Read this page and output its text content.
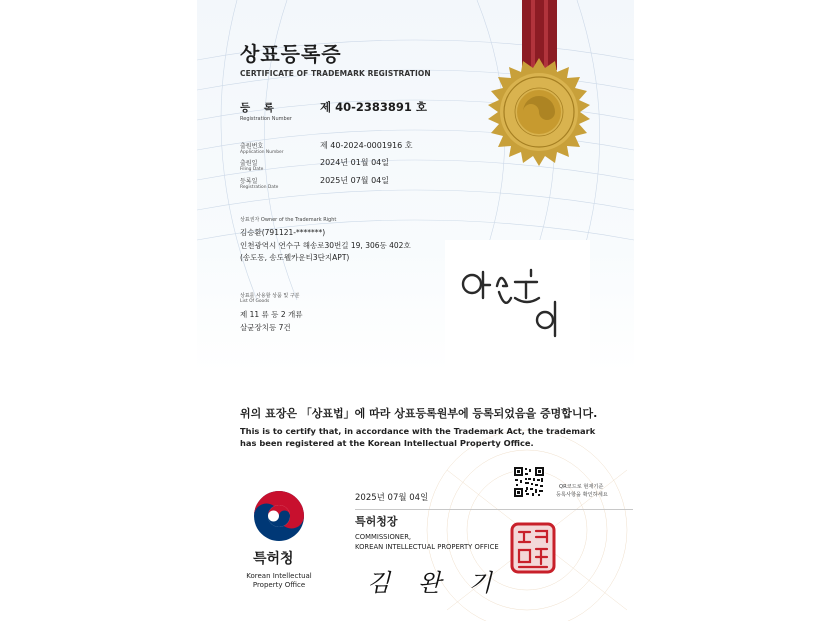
상표등록증
CERTIFICATE OF TRADEMARK REGISTRATION
등 록
Registration Number
제 40-2383891 호
출원번호
Application Number
제 40-2024-0001916 호
출원일
Filing Date
2024년 01월 04일
등록일
Registration Date
2025년 07월 04일
상표권자 Owner of the Trademark Right
김승환(791121-*******)
인천광역시 연수구 해송로30번길 19, 306동 402호
(송도동, 송도웰카운티3단지APT)
상표를 사용할 상품 및 구분
List Of Goods
제 11 류 등 2 개류
살균장치등 7건
아크로이
위의 표장은 「상표법」에 따라 상표등록원부에 등록되었음을 증명합니다.
This is to certify that, in accordance with the Trademark Act, the trademark
has been registered at the Korean Intellectual Property Office.
특허청
Korean Intellectual
Property Office
2025년 07월 04일
특허청장
COMMISSIONER,
KOREAN INTELLECTUAL PROPERTY OFFICE
김 완 기
QR코드로 현재기준
등록사항을 확인하세요
특허청장인
